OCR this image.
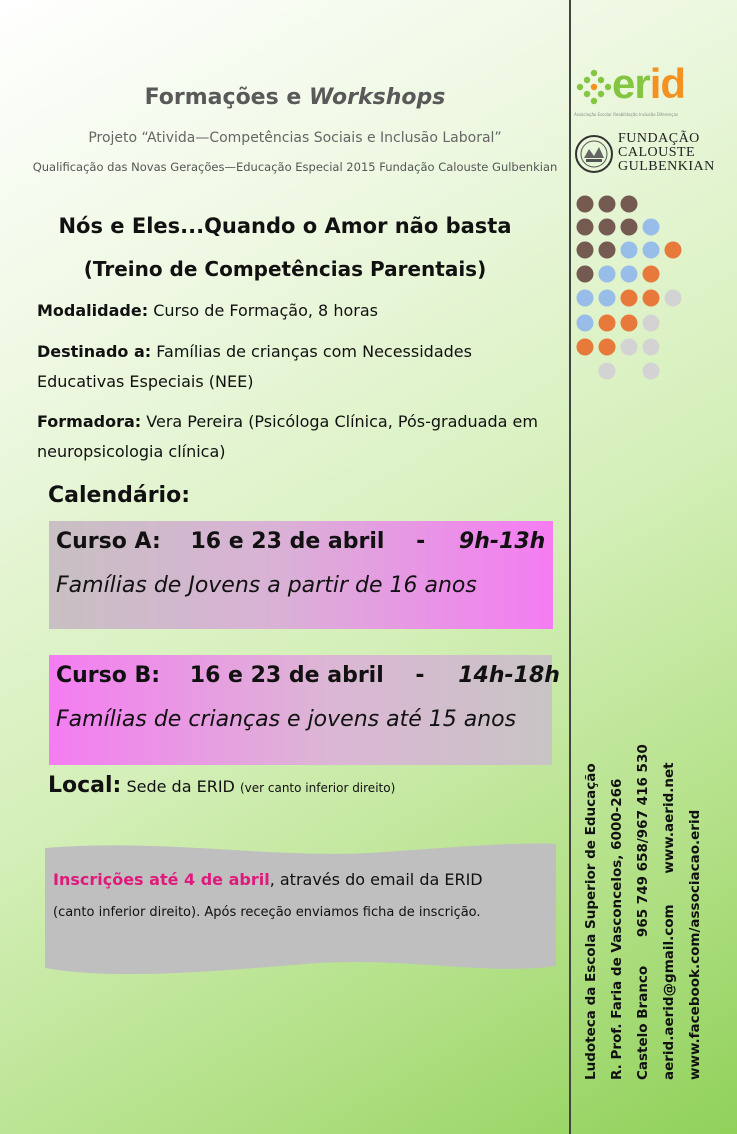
Formações e Workshops
Projeto “Ativida—Competências Sociais e Inclusão Laboral”
Qualificação das Novas Gerações—Educação Especial 2015 Fundação Calouste Gulbenkian
erid
Associação Escolar Reabilitação Inclusão Diferenças
FUNDAÇÃO
CALOUSTE
GULBENKIAN
Nós e Eles...Quando o Amor não basta
(Treino de Competências Parentais)
Modalidade: Curso de Formação, 8 horas
Destinado a: Famílias de crianças com Necessidades Educativas Especiais (NEE)
Formadora: Vera Pereira (Psicóloga Clínica, Pós-graduada em neuropsicologia clínica)
Calendário:
Curso A: 16 e 23 de abril - 9h-13h
Famílias de Jovens a partir de 16 anos
Curso B: 16 e 23 de abril - 14h-18h
Famílias de crianças e jovens até 15 anos
Local: Sede da ERID (ver canto inferior direito)
Inscrições até 4 de abril, através do email da ERID
(canto inferior direito). Após receção enviamos ficha de inscrição.	Ludoteca da Escola Superior de Educação R. Prof. Faria de Vasconcelos, 6000-266 Castelo Branco 965 749 658/967 416 530
aerid.aerid@gmail.com www.aerid.net www.facebook.com/associacao.erid
